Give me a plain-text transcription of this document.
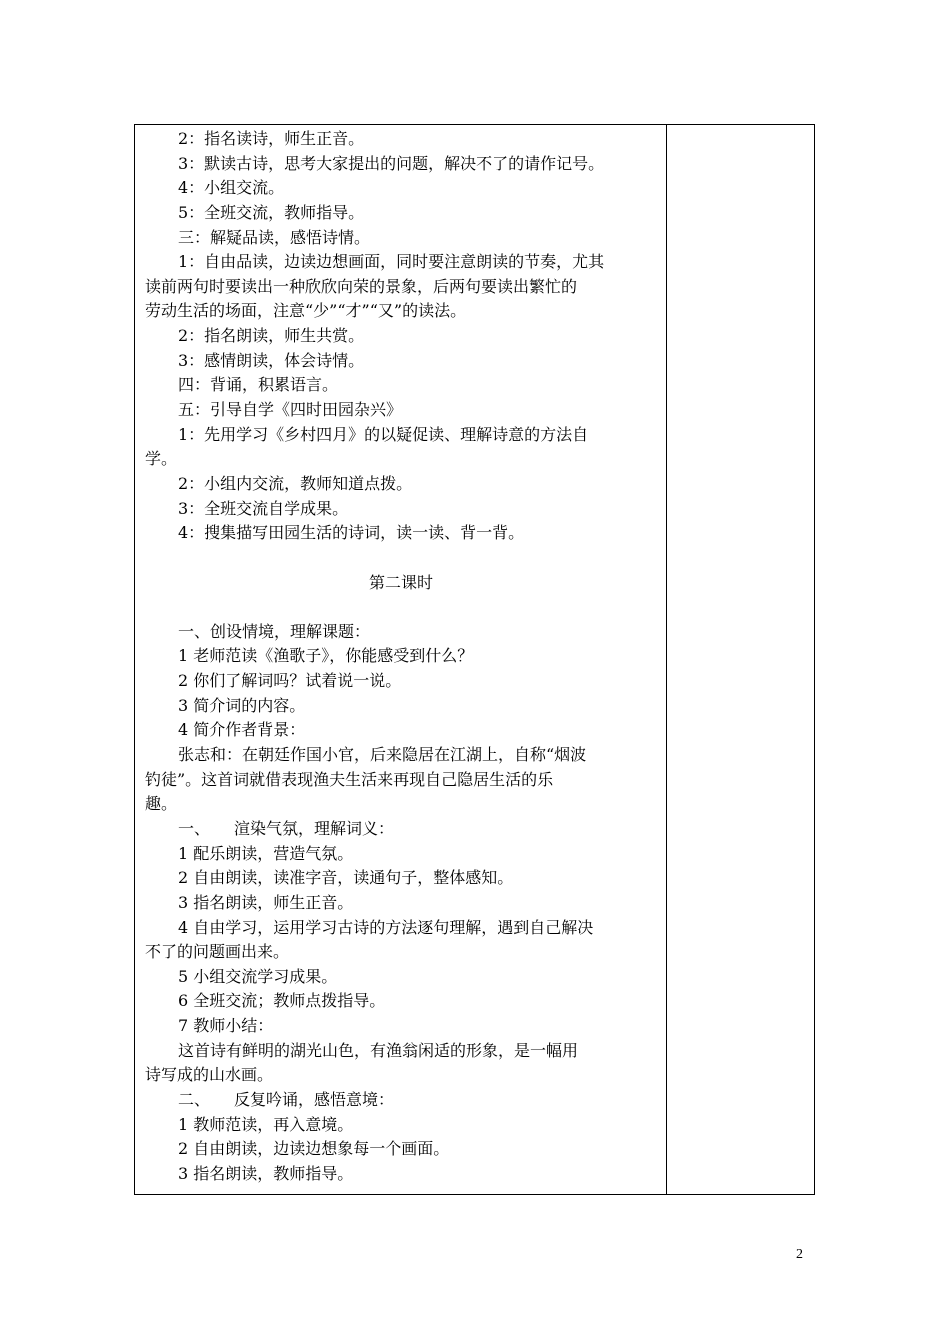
2：指名读诗，师生正音。
3：默读古诗，思考大家提出的问题，解决不了的请作记号。
4：小组交流。
5：全班交流，教师指导。
三：解疑品读，感悟诗情。
1：自由品读，边读边想画面，同时要注意朗读的节奏，尤其
读前两句时要读出一种欣欣向荣的景象，后两句要读出繁忙的
劳动生活的场面，注意“少”“才”“又”的读法。
2：指名朗读，师生共赏。
3：感情朗读，体会诗情。
四：背诵，积累语言。
五：引导自学《四时田园杂兴》
1：先用学习《乡村四月》的以疑促读、理解诗意的方法自
学。
2：小组内交流，教师知道点拨。
3：全班交流自学成果。
4：搜集描写田园生活的诗词，读一读、背一背。
第二课时
一、创设情境，理解课题：
1 老师范读《渔歌子》，你能感受到什么？
2 你们了解词吗？试着说一说。
3 简介词的内容。
4 简介作者背景：
张志和：在朝廷作国小官，后来隐居在江湖上，自称“烟波
钓徒”。这首词就借表现渔夫生活来再现自己隐居生活的乐
趣。
一、　　渲染气氛，理解词义：
1 配乐朗读，营造气氛。
2 自由朗读，读准字音，读通句子，整体感知。
3 指名朗读，师生正音。
4 自由学习，运用学习古诗的方法逐句理解，遇到自己解决
不了的问题画出来。
5 小组交流学习成果。
6 全班交流；教师点拨指导。
7 教师小结：
这首诗有鲜明的湖光山色，有渔翁闲适的形象，是一幅用
诗写成的山水画。
二、　　反复吟诵，感悟意境：
1 教师范读，再入意境。
2 自由朗读，边读边想象每一个画面。
3 指名朗读，教师指导。
2
